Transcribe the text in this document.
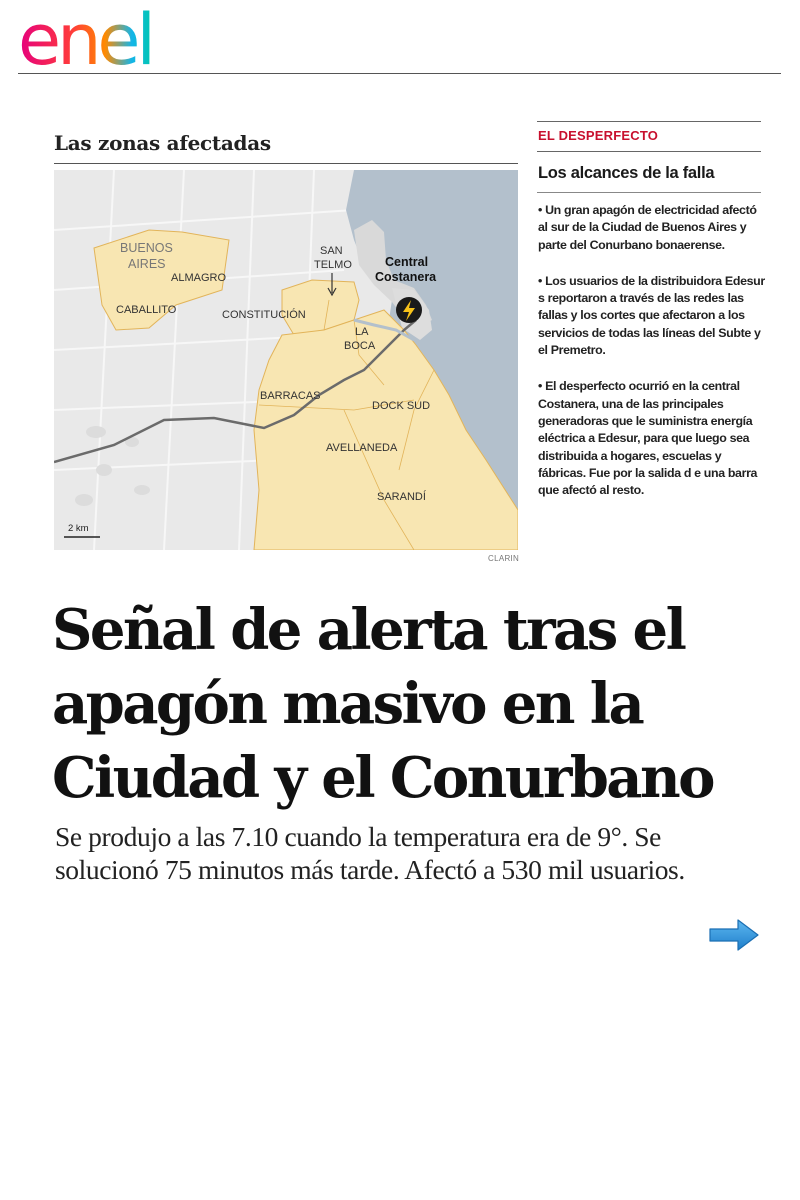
enel
Las zonas afectadas
BUENOS
AIRES
ALMAGRO
CABALLITO
SAN
TELMO
CONSTITUCIÓN
LA
BOCA
BARRACAS
DOCK SUD
AVELLANEDA
SARANDÍ
Central
Costanera
2 km
CLARIN
EL DESPERFECTO
Los alcances de la falla
• Un gran apagón de electricidad afectó al sur de la Ciudad de Buenos Aires y parte del Conurbano bonaerense.
• Los usuarios de la distribuidora Edesur s reportaron a través de las redes las fallas y los cortes que afectaron a los servicios de todas las líneas del Subte y el Premetro.
• El desperfecto ocurrió en la central Costanera, una de las principales generadoras que le suministra energía eléctrica a Edesur, para que luego sea distribuida a hogares, escuelas y fábricas. Fue por la salida d e una barra que afectó al resto.
Señal de alerta tras el
apagón masivo en la
Ciudad y el Conurbano

Se produjo a las 7.10 cuando la temperatura era de 9°. Se
solucionó 75 minutos más tarde. Afectó a 530 mil usuarios.
